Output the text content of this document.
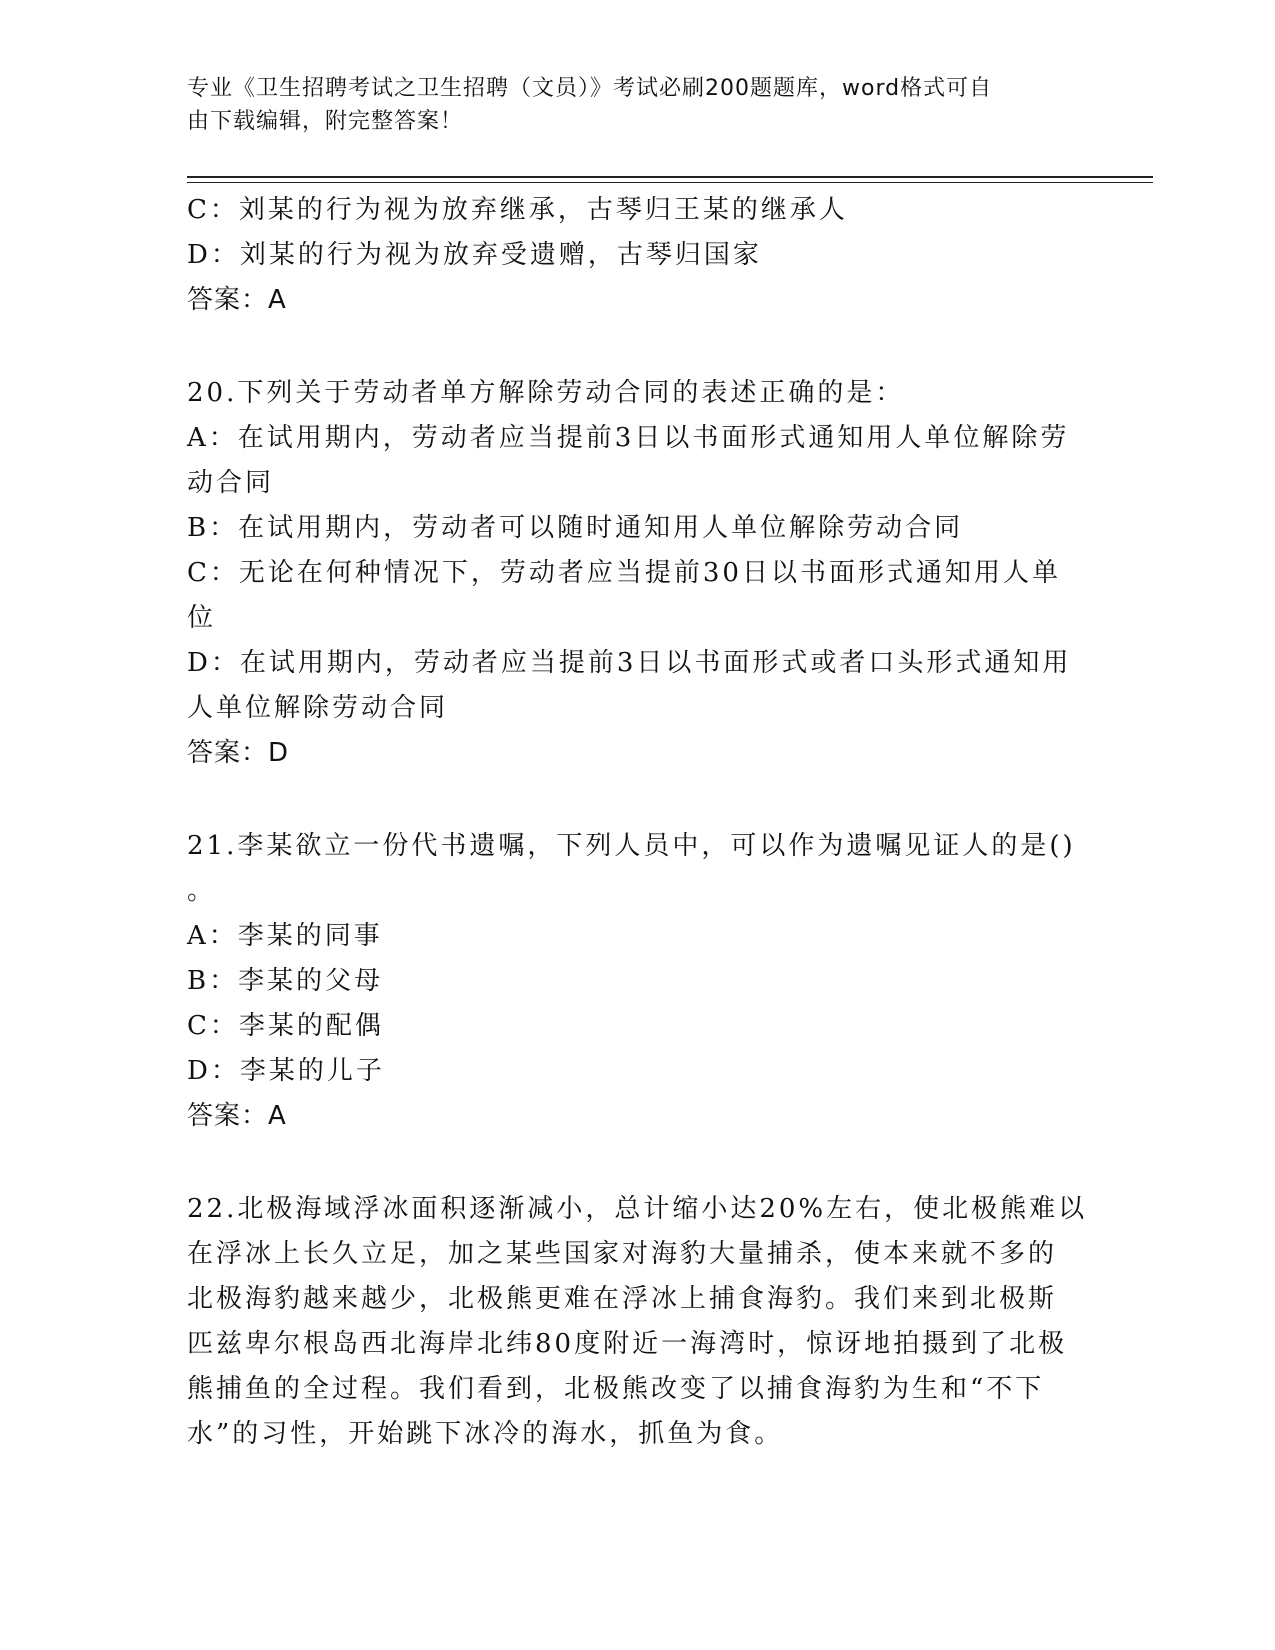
专业《卫生招聘考试之卫生招聘（文员）》考试必刷200题题库，word格式可自
由下载编辑，附完整答案！
C：刘某的行为视为放弃继承，古琴归王某的继承人
D：刘某的行为视为放弃受遗赠，古琴归国家
答案：A
20.下列关于劳动者单方解除劳动合同的表述正确的是：
A：在试用期内，劳动者应当提前3日以书面形式通知用人单位解除劳
动合同
B：在试用期内，劳动者可以随时通知用人单位解除劳动合同
C：无论在何种情况下，劳动者应当提前30日以书面形式通知用人单
位
D：在试用期内，劳动者应当提前3日以书面形式或者口头形式通知用
人单位解除劳动合同
答案：D
21.李某欲立一份代书遗嘱，下列人员中，可以作为遗嘱见证人的是()
。
A：李某的同事
B：李某的父母
C：李某的配偶
D：李某的儿子
答案：A
22.北极海域浮冰面积逐渐减小，总计缩小达20%左右，使北极熊难以
在浮冰上长久立足，加之某些国家对海豹大量捕杀，使本来就不多的
北极海豹越来越少，北极熊更难在浮冰上捕食海豹。我们来到北极斯
匹兹卑尔根岛西北海岸北纬80度附近一海湾时，惊讶地拍摄到了北极
熊捕鱼的全过程。我们看到，北极熊改变了以捕食海豹为生和“不下
水”的习性，开始跳下冰冷的海水，抓鱼为食。
